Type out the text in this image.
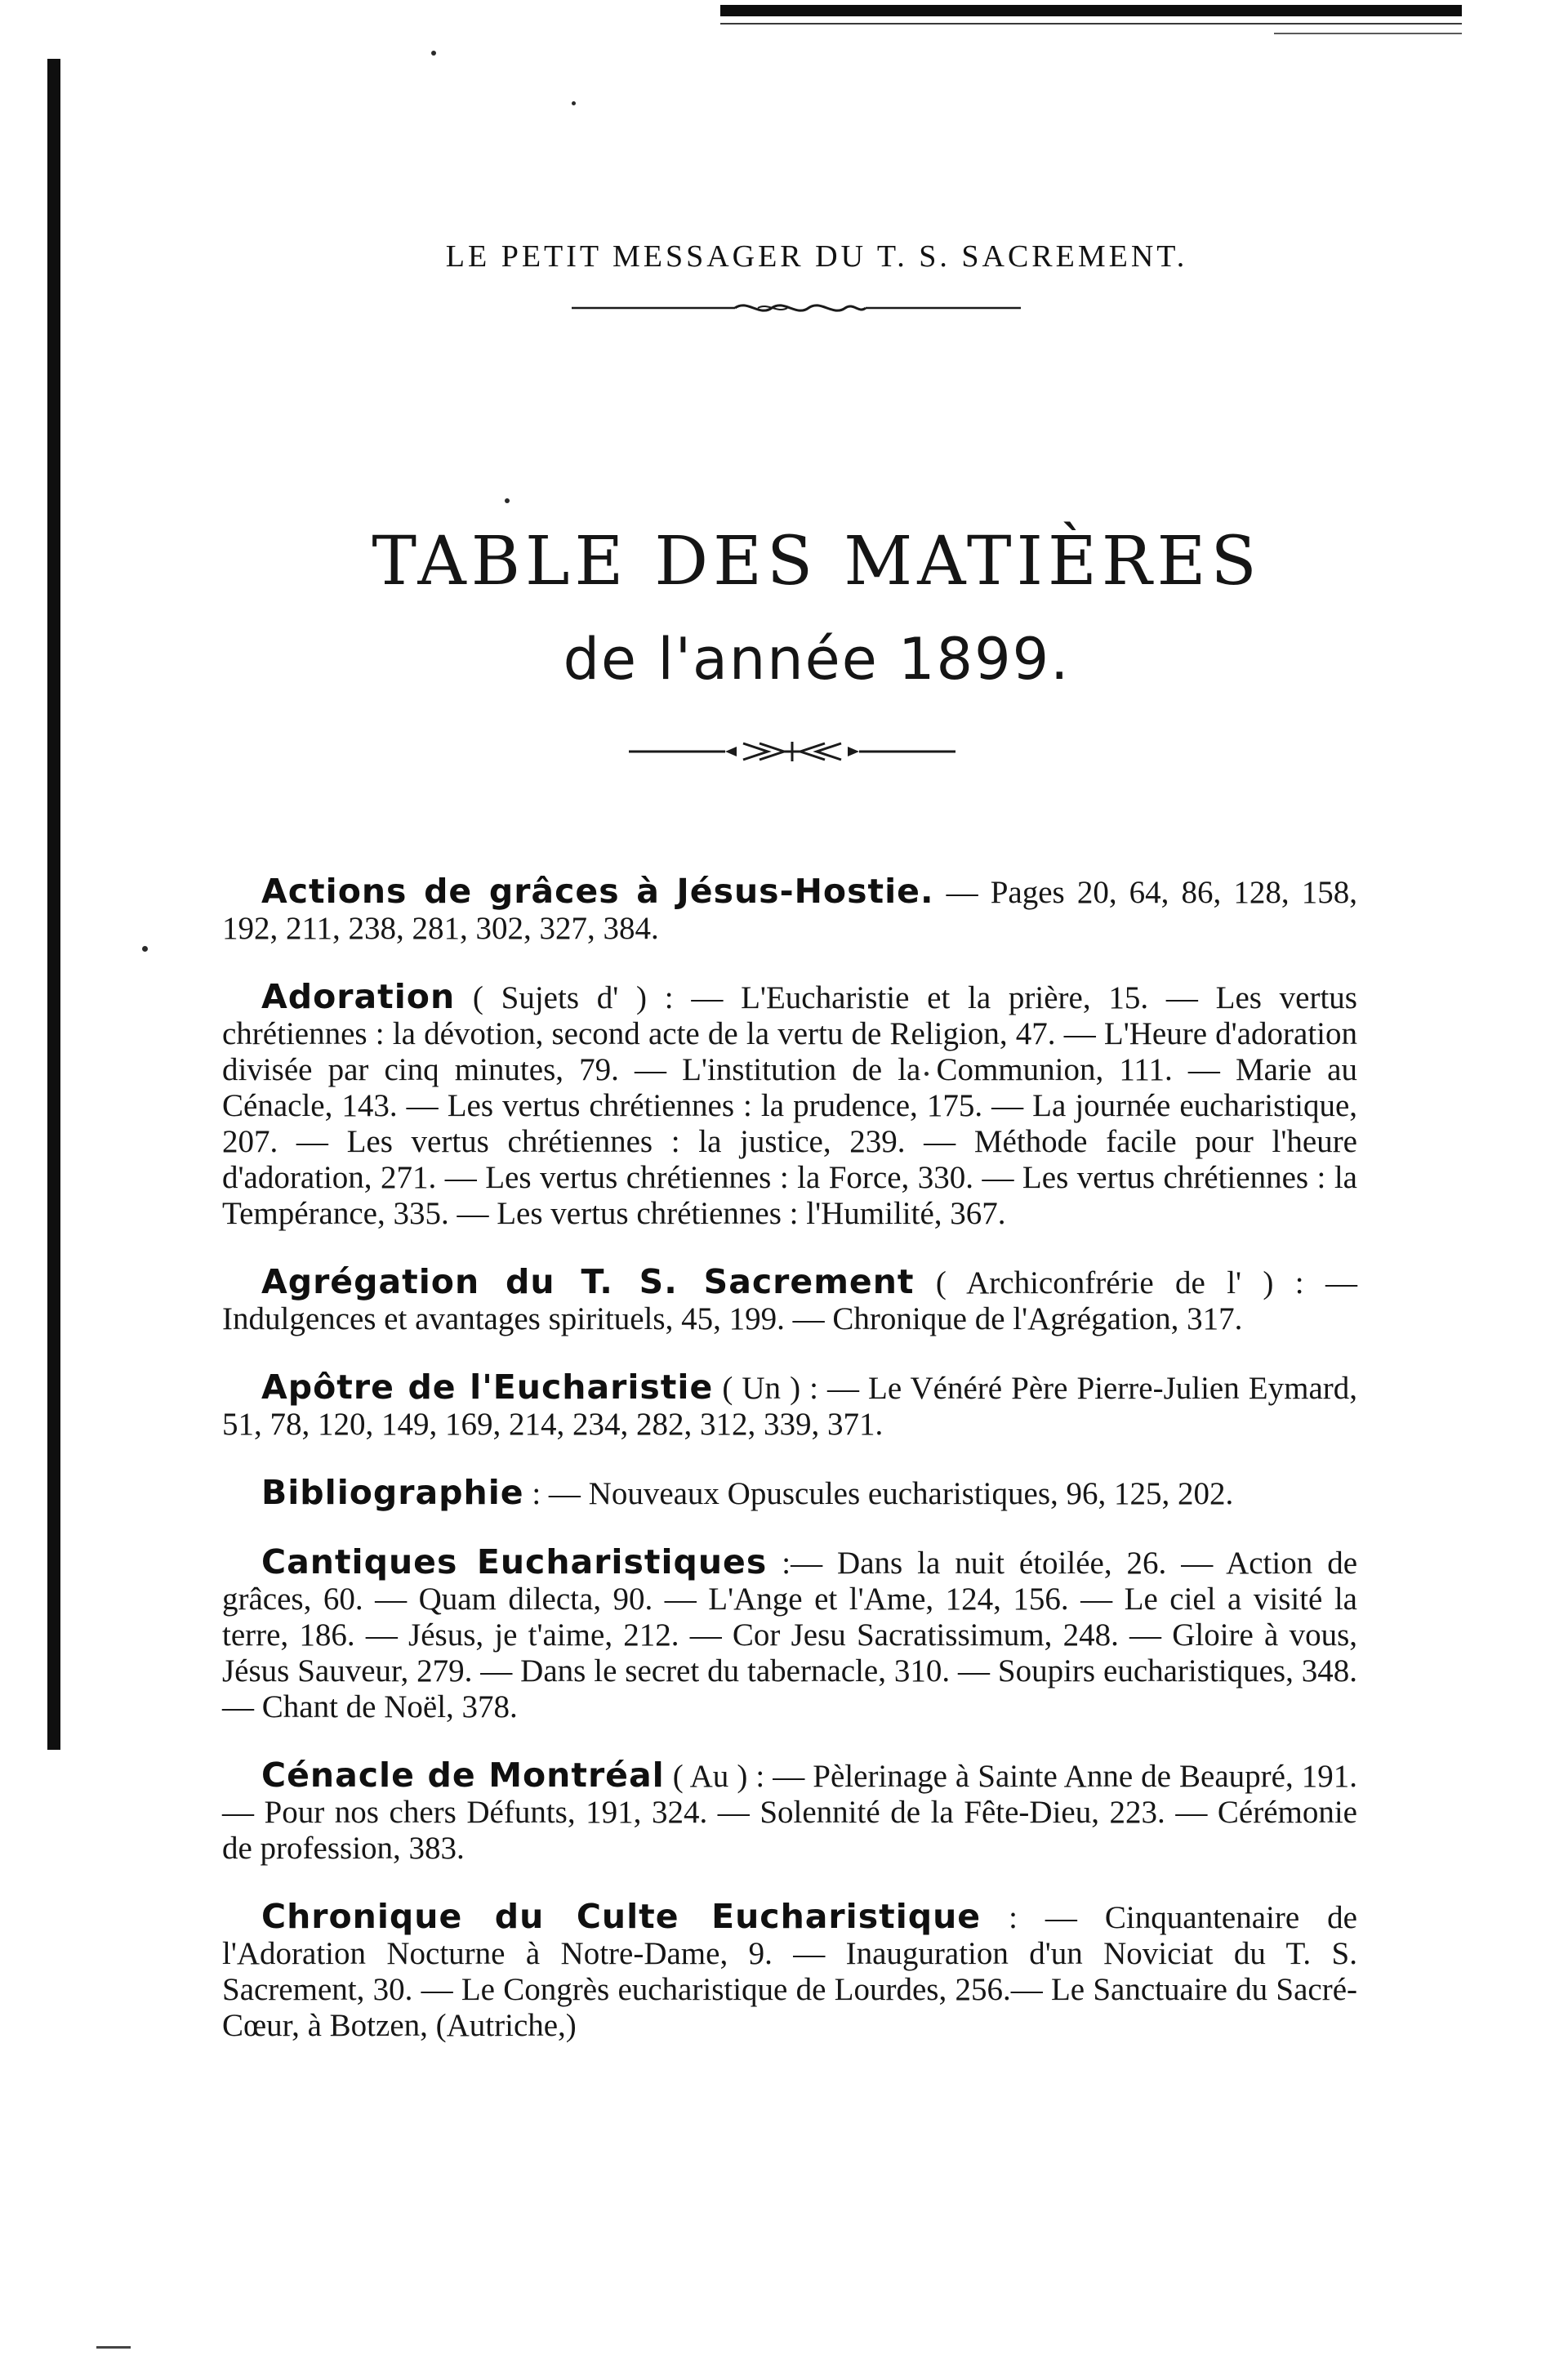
LE PETIT MESSAGER DU T. S. SACREMENT.
TABLE DES MATIÈRES
de l'année 1899.

Actions de grâces à Jésus-Hostie. — Pages 20, 64, 86, 128, 158, 192, 211, 238, 281, 302, 327, 384.

Adoration ( Sujets d' ) : — L'Eucharistie et la prière, 15. — Les vertus chrétiennes : la dévotion, second acte de la vertu de Religion, 47. — L'Heure d'adoration divisée par cinq minutes, 79. — L'institution de la Communion, 111. — Marie au Cénacle, 143. — Les vertus chrétiennes : la prudence, 175. — La journée eucharistique, 207. — Les vertus chrétiennes : la justice, 239. — Méthode facile pour l'heure d'adoration, 271. — Les vertus chrétiennes : la Force, 330. — Les vertus chrétiennes : la Tempérance, 335. — Les vertus chrétiennes : l'Humilité, 367.

Agrégation du T. S. Sacrement ( Archiconfrérie de l' ) : — Indulgences et avantages spirituels, 45, 199. — Chronique de l'Agrégation, 317.

Apôtre de l'Eucharistie ( Un ) : — Le Vénéré Père Pierre-Julien Eymard, 51, 78, 120, 149, 169, 214, 234, 282, 312, 339, 371.

Bibliographie : — Nouveaux Opuscules eucharistiques, 96, 125, 202.

Cantiques Eucharistiques :— Dans la nuit étoilée, 26. — Action de grâces, 60. — Quam dilecta, 90. — L'Ange et l'Ame, 124, 156. — Le ciel a visité la terre, 186. — Jésus, je t'aime, 212. — Cor Jesu Sacratissimum, 248. — Gloire à vous, Jésus Sauveur, 279. — Dans le secret du tabernacle, 310. — Soupirs eucharistiques, 348. — Chant de Noël, 378.

Cénacle de Montréal ( Au ) : — Pèlerinage à Sainte Anne de Beaupré, 191. — Pour nos chers Défunts, 191, 324. — Solennité de la Fête-Dieu, 223. — Cérémonie de profession, 383.

Chronique du Culte Eucharistique : — Cinquantenaire de l'Adoration Nocturne à Notre-Dame, 9. — Inauguration d'un Noviciat du T. S. Sacrement, 30. — Le Congrès eucharistique de Lourdes, 256.— Le Sanctuaire du Sacré-Cœur, à Botzen, (Autriche,)
